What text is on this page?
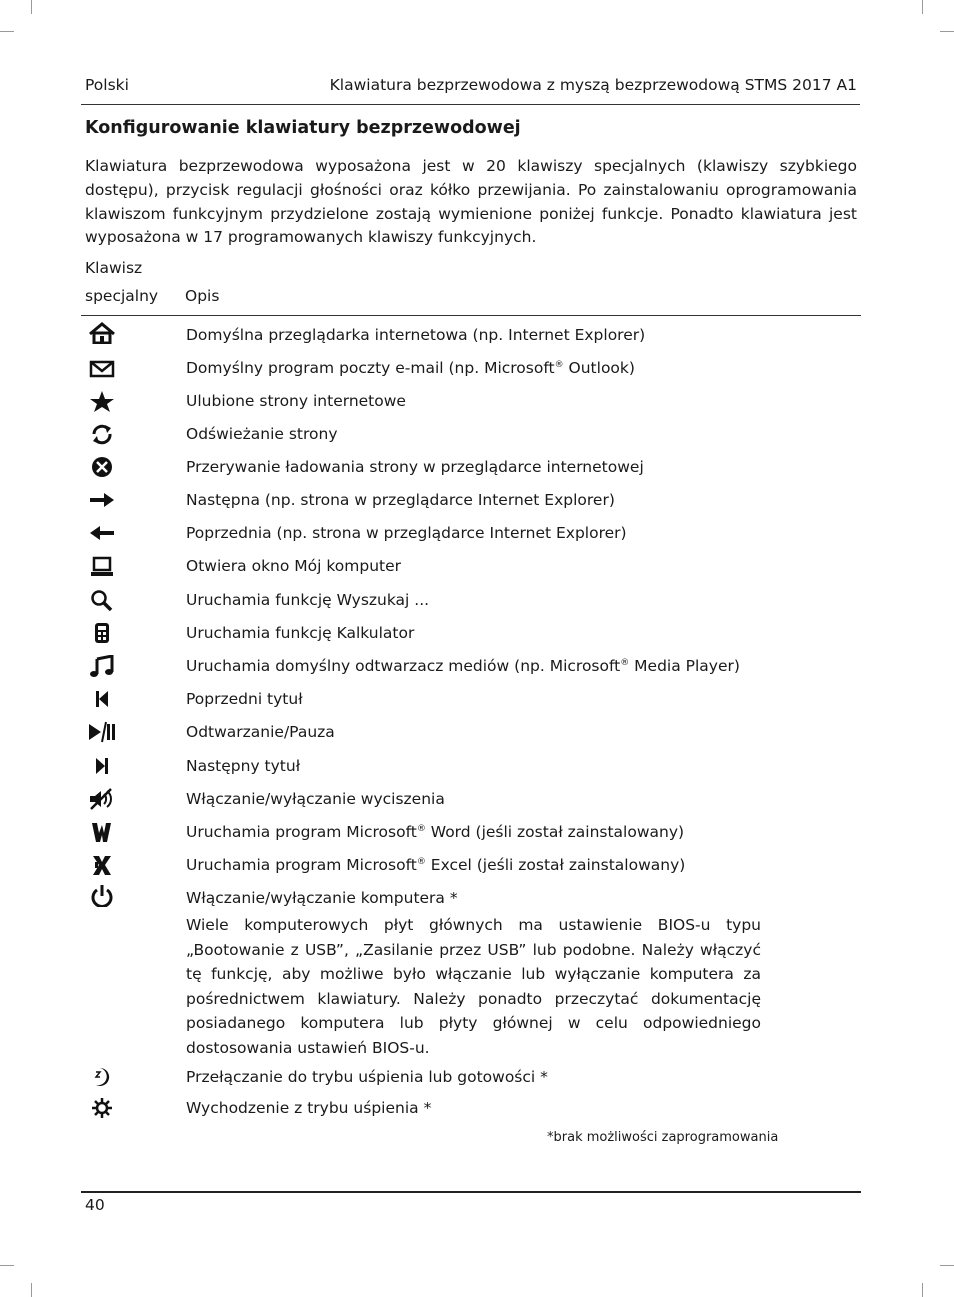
Polski	Klawiatura bezprzewodowa z myszą bezprzewodową STMS 2017 A1
Konfigurowanie klawiatury bezprzewodowej

Klawiatura bezprzewodowa wyposażona jest w 20 klawiszy specjalnych (klawiszy szybkiego dostępu), przycisk regulacji głośności oraz kółko przewijania. Po zainstalowaniu oprogramowania klawiszom funkcyjnym przydzielone zostają wymienione poniżej funkcje. Ponadto klawiatura jest wyposażona w 17 programowanych klawiszy funkcyjnych.

Klawisz
specjalny Opis
Domyślna przeglądarka internetowa (np. Internet Explorer)
Domyślny program poczty e-mail (np. Microsoft® Outlook)
Ulubione strony internetowe
Odświeżanie strony
Przerywanie ładowania strony w przeglądarce internetowej
Następna (np. strona w przeglądarce Internet Explorer)
Poprzednia (np. strona w przeglądarce Internet Explorer)
Otwiera okno Mój komputer
Uruchamia funkcję Wyszukaj ...
Uruchamia funkcję Kalkulator
Uruchamia domyślny odtwarzacz mediów (np. Microsoft® Media Player)
Poprzedni tytuł
Odtwarzanie/Pauza
Następny tytuł
Włączanie/wyłączanie wyciszenia
Uruchamia program Microsoft® Word (jeśli został zainstalowany)
Uruchamia program Microsoft® Excel (jeśli został zainstalowany)
Włączanie/wyłączanie komputera *

Wiele komputerowych płyt głównych ma ustawienie BIOS-u typu „Bootowanie z USB”, „Zasilanie przez USB” lub podobne. Należy włączyć tę funkcję, aby możliwe było włączanie lub wyłączanie komputera za pośrednictwem klawiatury. Należy ponadto przeczytać dokumentację posiadanego komputera lub płyty głównej w celu odpowiedniego dostosowania ustawień BIOS-u.

Przełączanie do trybu uśpienia lub gotowości *
Wychodzenie z trybu uśpienia *
*brak możliwości zaprogramowania
40
